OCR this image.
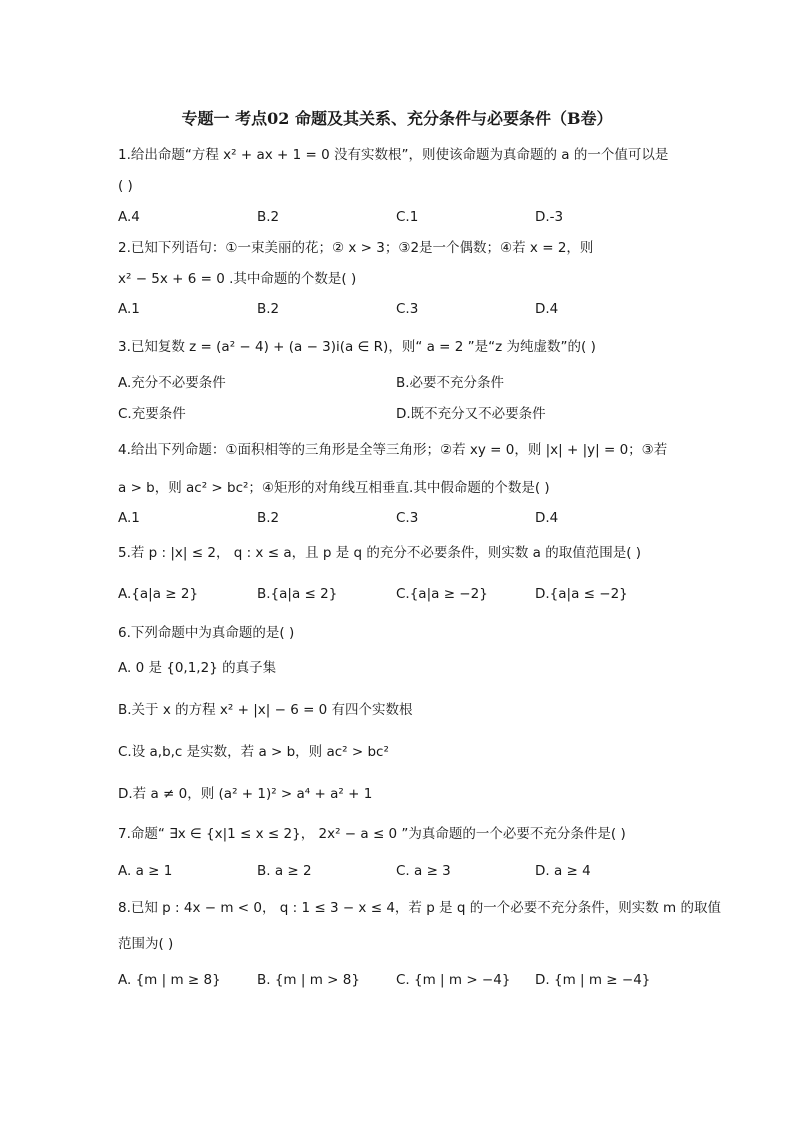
专题一 考点02 命题及其关系、充分条件与必要条件（B卷）
1.给出命题“方程 x² + ax + 1 = 0 没有实数根”，则使该命题为真命题的 a 的一个值可以是
( )
A.4	B.2	C.1	D.-3
2.已知下列语句：①一束美丽的花；② x > 3；③2是一个偶数；④若 x = 2，则
x² − 5x + 6 = 0 .其中命题的个数是( )
A.1	B.2	C.3	D.4
3.已知复数 z = (a² − 4) + (a − 3)i(a ∈ R)，则“ a = 2 ”是“z 为纯虚数”的( )
A.充分不必要条件	B.必要不充分条件
C.充要条件	D.既不充分又不必要条件
4.给出下列命题：①面积相等的三角形是全等三角形；②若 xy = 0，则 |x| + |y| = 0；③若
a > b，则 ac² > bc²；④矩形的对角线互相垂直.其中假命题的个数是( )
A.1	B.2	C.3	D.4
5.若 p : |x| ≤ 2， q : x ≤ a，且 p 是 q 的充分不必要条件，则实数 a 的取值范围是( )
A.{a|a ≥ 2}	B.{a|a ≤ 2}	C.{a|a ≥ −2}	D.{a|a ≤ −2}
6.下列命题中为真命题的是( )
A. 0 是 {0,1,2} 的真子集
B.关于 x 的方程 x² + |x| − 6 = 0 有四个实数根
C.设 a,b,c 是实数，若 a > b，则 ac² > bc²
D.若 a ≠ 0，则 (a² + 1)² > a⁴ + a² + 1
7.命题“ ∃x ∈ {x|1 ≤ x ≤ 2}， 2x² − a ≤ 0 ”为真命题的一个必要不充分条件是( )
A. a ≥ 1	B. a ≥ 2	C. a ≥ 3	D. a ≥ 4
8.已知 p : 4x − m < 0， q : 1 ≤ 3 − x ≤ 4，若 p 是 q 的一个必要不充分条件，则实数 m 的取值
范围为( )
A. {m | m ≥ 8}	B. {m | m > 8}	C. {m | m > −4} D. {m | m ≥ −4}
